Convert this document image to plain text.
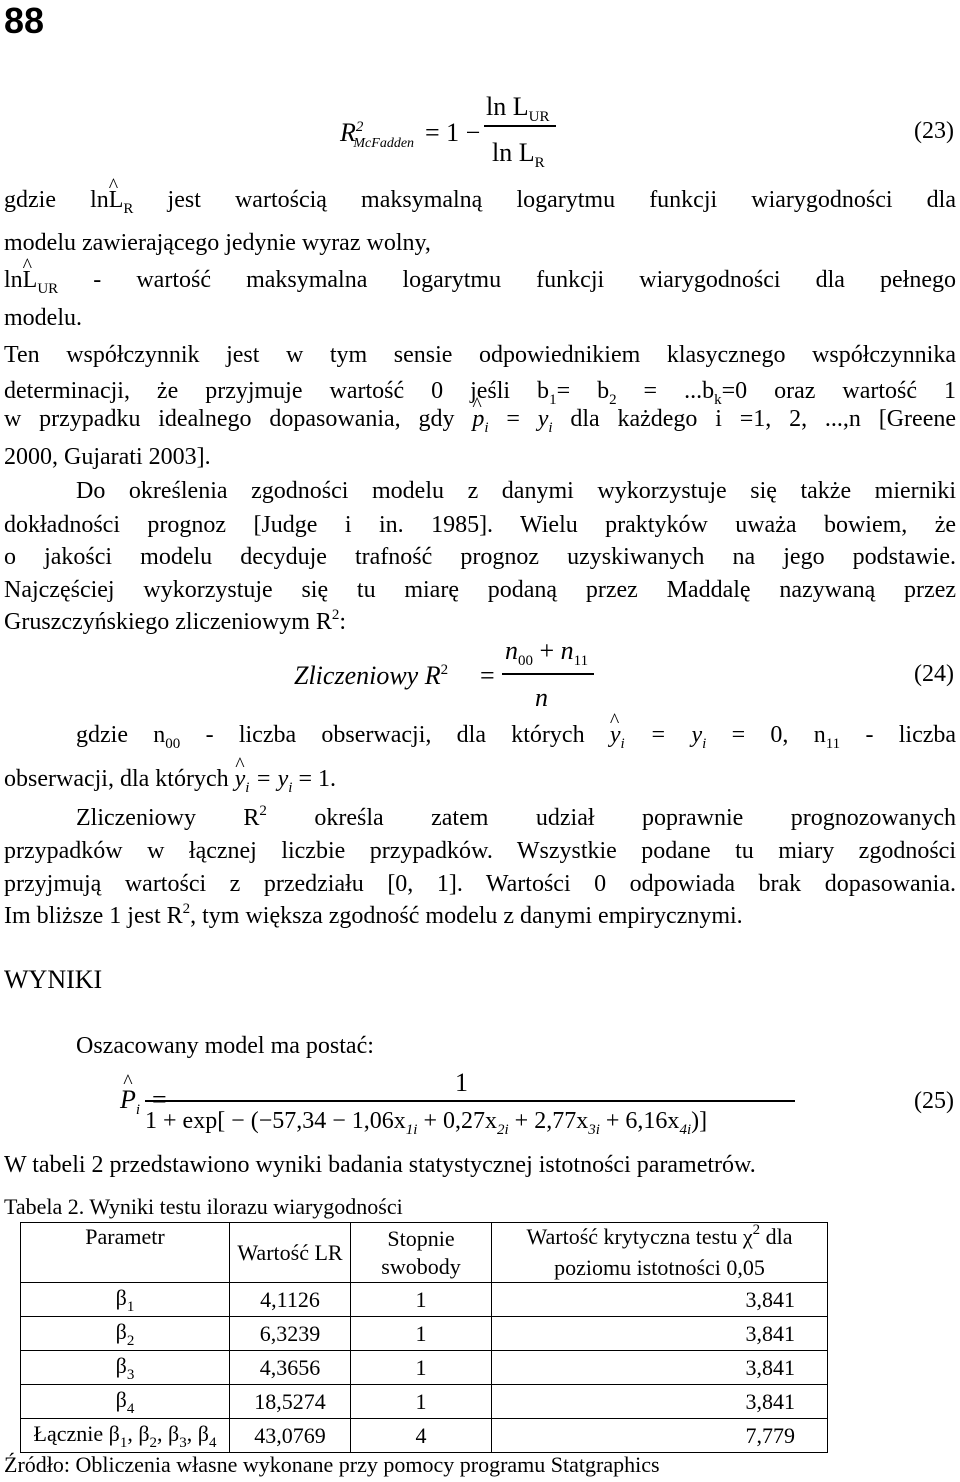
88
$R^2_{McFadden} = 1$ −
$\ln L_{UR}$
$\ln L_R$
(23)
gdzie ln^ $L_R$ jest wartością maksymalną logarytmu funkcji wiarygodności dla
modelu zawierającego jedynie wyraz wolny,
ln^ $L_{UR}$ - wartość maksymalna logarytmu funkcji wiarygodności dla pełnego
modelu.
Ten współczynnik jest w tym sensie odpowiednikiem klasycznego współczynnika
determinacji, że przyjmuje wartość 0 jeśli $b_1= b_2 = ...b_k=0$ oraz wartość 1
w przypadku idealnego dopasowania, gdy ^ $p_i = y_i$ dla każdego i =1, 2, ...,n [Greene
2000, Gujarati 2003].
Do określenia zgodności modelu z danymi wykorzystuje się także mierniki
dokładności prognoz [Judge i in. 1985]. Wielu praktyków uważa bowiem, że
o jakości modelu decyduje trafność prognoz uzyskiwanych na jego podstawie.
Najczęściej wykorzystuje się tu miarę podaną przez Maddalę nazywaną przez
Gruszczyńskiego zliczeniowym $R^2$:
Zliczeniowy $R^2$ =
$n_{00} + n_{11}$
n
(24)
gdzie $n_{00}$ - liczba obserwacji, dla których ^ $y_i = y_i = 0$, $n_{11}$ - liczba
obserwacji, dla których ^ $y_i = y_i = 1$.
Zliczeniowy $R^2$ określa zatem udział poprawnie prognozowanych
przypadków w łącznej liczbie przypadków. Wszystkie podane tu miary zgodności
przyjmują wartości z przedziału [0, 1]. Wartości 0 odpowiada brak dopasowania.
Im bliższe 1 jest $R^2$, tym większa zgodność modelu z danymi empirycznymi.
WYNIKI
Oszacowany model ma postać:
^ $P_i$
1
$1 + \exp[ - (-57,34 - 1,06x_{1i} + 0,27x_{2i} + 2,77x_{3i} + 6,16x_{4i})]$
(25)
W tabeli 2 przedstawiono wyniki badania statystycznej istotności parametrów.
Tabela 2. Wyniki testu ilorazu wiarygodności
Parametr	Wartość LR	Stopnie swobody	Wartość krytyczna testu $\chi^2$ dla poziomu istotności 0,05
$\beta_1$	4,1126	1	3,841
$\beta_2$	6,3239	1	3,841
$\beta_3$	4,3656	1	3,841
$\beta_4$	18,5274	1	3,841
Łącznie $\beta_1$, $\beta_2$, $\beta_3$, $\beta_4$	43,0769	4	7,779
Źródło: Obliczenia własne wykonane przy pomocy programu Statgraphics
